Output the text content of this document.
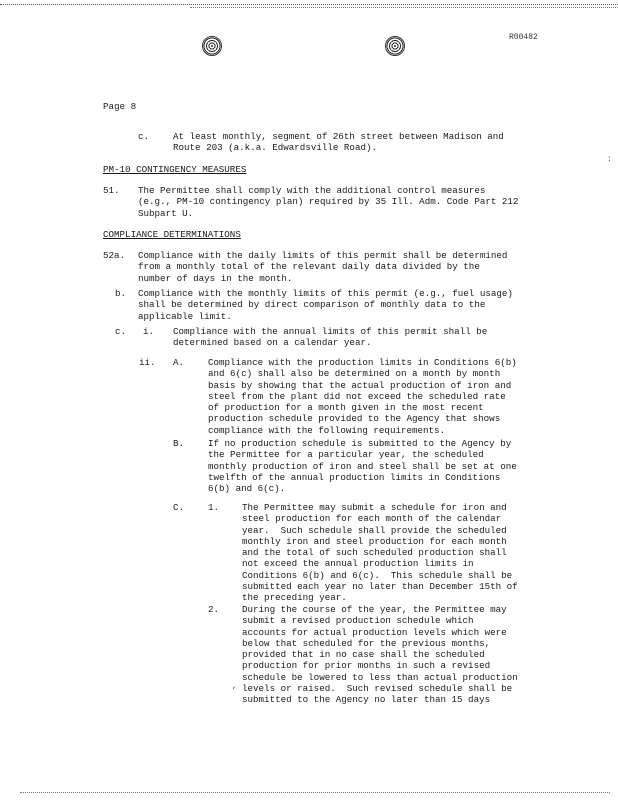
R00482
Page 8
c.	At least monthly, segment of 26th street between Madison and
Route 203 (a.k.a. Edwardsville Road).
PM-10 CONTINGENCY MEASURES
51. The Permittee shall comply with the additional control measures
(e.g., PM-10 contingency plan) required by 35 Ill. Adm. Code Part 212
Subpart U.
COMPLIANCE DETERMINATIONS
52a. Compliance with the daily limits of this permit shall be determined
from a monthly total of the relevant daily data divided by the
number of days in the month.
b. Compliance with the monthly limits of this permit (e.g., fuel usage)
shall be determined by direct comparison of monthly data to the
applicable limit.
c. i. Compliance with the annual limits of this permit shall be
determined based on a calendar year.
ii. A.	Compliance with the production limits in Conditions 6(b)
and 6(c) shall also be determined on a month by month
basis by showing that the actual production of iron and
steel from the plant did not exceed the scheduled rate
of production for a month given in the most recent
production schedule provided to the Agency that shows
compliance with the following requirements.
B.	If no production schedule is submitted to the Agency by
the Permittee for a particular year, the scheduled
monthly production of iron and steel shall be set at one
twelfth of the annual production limits in Conditions
6(b) and 6(c).
C.	1. The Permittee may submit a schedule for iron and
steel production for each month of the calendar
year.  Such schedule shall provide the scheduled
monthly iron and steel production for each month
and the total of such scheduled production shall
not exceed the annual production limits in
Conditions 6(b) and 6(c).  This schedule shall be
submitted each year no later than December 15th of
the preceding year.
2. During the course of the year, the Permittee may
submit a revised production schedule which
accounts for actual production levels which were
below that scheduled for the previous months,
provided that in no case shall the scheduled
production for prior months in such a revised
schedule be lowered to less than actual production
levels or raised.  Such revised schedule shall be
submitted to the Agency no later than 15 days
,
:
